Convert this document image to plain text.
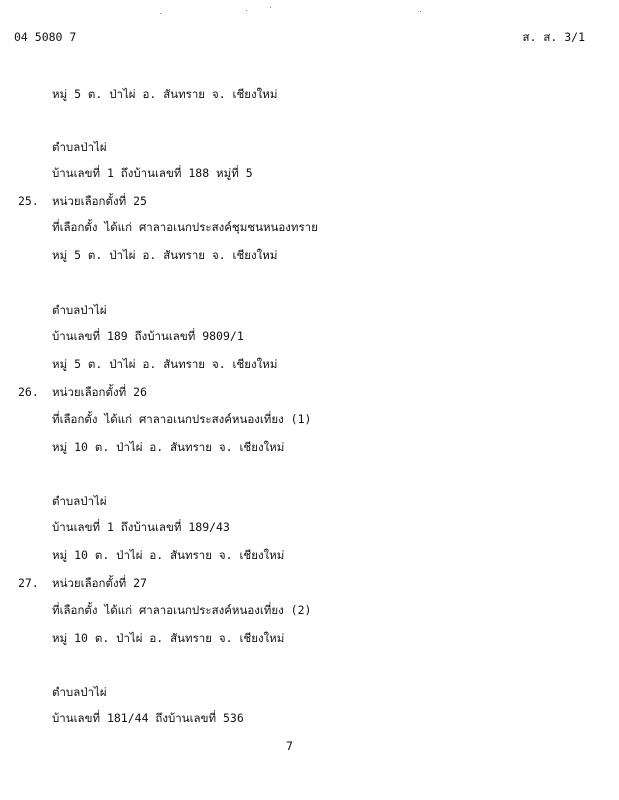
04 5080 7	ส. ส. 3/1
หมู่ 5 ต. ป่าไผ่ อ. สันทราย จ. เชียงใหม่
ตำบลป่าไผ่
บ้านเลขที่ 1 ถึงบ้านเลขที่ 188 หมู่ที่ 5
25. หน่วยเลือกตั้งที่ 25
ที่เลือกตั้ง ได้แก่ ศาลาอเนกประสงค์ชุมชนหนองทราย
หมู่ 5 ต. ป่าไผ่ อ. สันทราย จ. เชียงใหม่
ตำบลป่าไผ่
บ้านเลขที่ 189 ถึงบ้านเลขที่ 9809/1
หมู่ 5 ต. ป่าไผ่ อ. สันทราย จ. เชียงใหม่
26. หน่วยเลือกตั้งที่ 26
ที่เลือกตั้ง ได้แก่ ศาลาอเนกประสงค์หนองเที่ยง (1)
หมู่ 10 ต. ป่าไผ่ อ. สันทราย จ. เชียงใหม่
ตำบลป่าไผ่
บ้านเลขที่ 1 ถึงบ้านเลขที่ 189/43
หมู่ 10 ต. ป่าไผ่ อ. สันทราย จ. เชียงใหม่
27. หน่วยเลือกตั้งที่ 27
ที่เลือกตั้ง ได้แก่ ศาลาอเนกประสงค์หนองเที่ยง (2)
หมู่ 10 ต. ป่าไผ่ อ. สันทราย จ. เชียงใหม่
ตำบลป่าไผ่
บ้านเลขที่ 181/44 ถึงบ้านเลขที่ 536
7
